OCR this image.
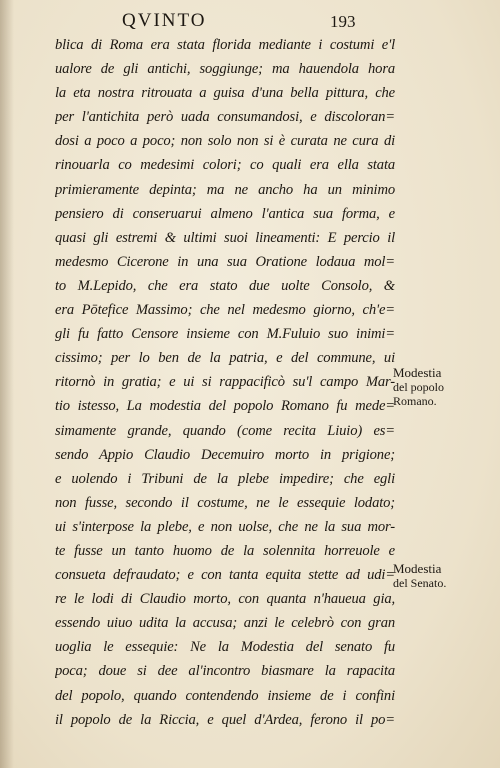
QVINTO	193
blica di Roma era stata florida mediante i costumi e'l
ualore de gli antichi, soggiunge; ma hauendola hora
la eta nostra ritrouata a guisa d'una bella pittura, che
per l'antichita però uada consumandosi, e discoloran=
dosi a poco a poco; non solo non si è curata ne cura di
rinouarla co medesimi colori; co quali era ella stata
primieramente depinta; ma ne ancho ha un minimo
pensiero di conseruarui almeno l'antica sua forma, e
quasi gli estremi & ultimi suoi lineamenti: E percio il
medesmo Cicerone in una sua Oratione lodaua mol=
to M.Lepido, che era stato due uolte Consolo, &
era Pōtefice Massimo; che nel medesmo giorno, ch'e=
gli fu fatto Censore insieme con M.Fuluio suo inimi=
cissimo; per lo ben de la patria, e del commune, ui
ritornò in gratia; e ui si rappacificò su'l campo Mar-
tio istesso, La modestia del popolo Romano fu mede=
simamente grande, quando (come recita Liuio) es=
sendo Appio Claudio Decemuiro morto in prigione;
e uolendo i Tribuni de la plebe impedire; che egli
non fusse, secondo il costume, ne le essequie lodato;
ui s'interpose la plebe, e non uolse, che ne la sua mor-
te fusse un tanto huomo de la solennita horreuole e
consueta defraudato; e con tanta equita stette ad udi=
re le lodi di Claudio morto, con quanta n'haueua gia,
essendo uiuo udita la accusa; anzi le celebrò con gran
uoglia le essequie: Ne la Modestia del senato fu
poca; doue si dee al'incontro biasmare la rapacita
del popolo, quando contendendo insieme de i confini
il popolo de la Riccia, e quel d'Ardea, ferono il po=
Modestia
del popolo
Romano.
Modestia
del Senato.
